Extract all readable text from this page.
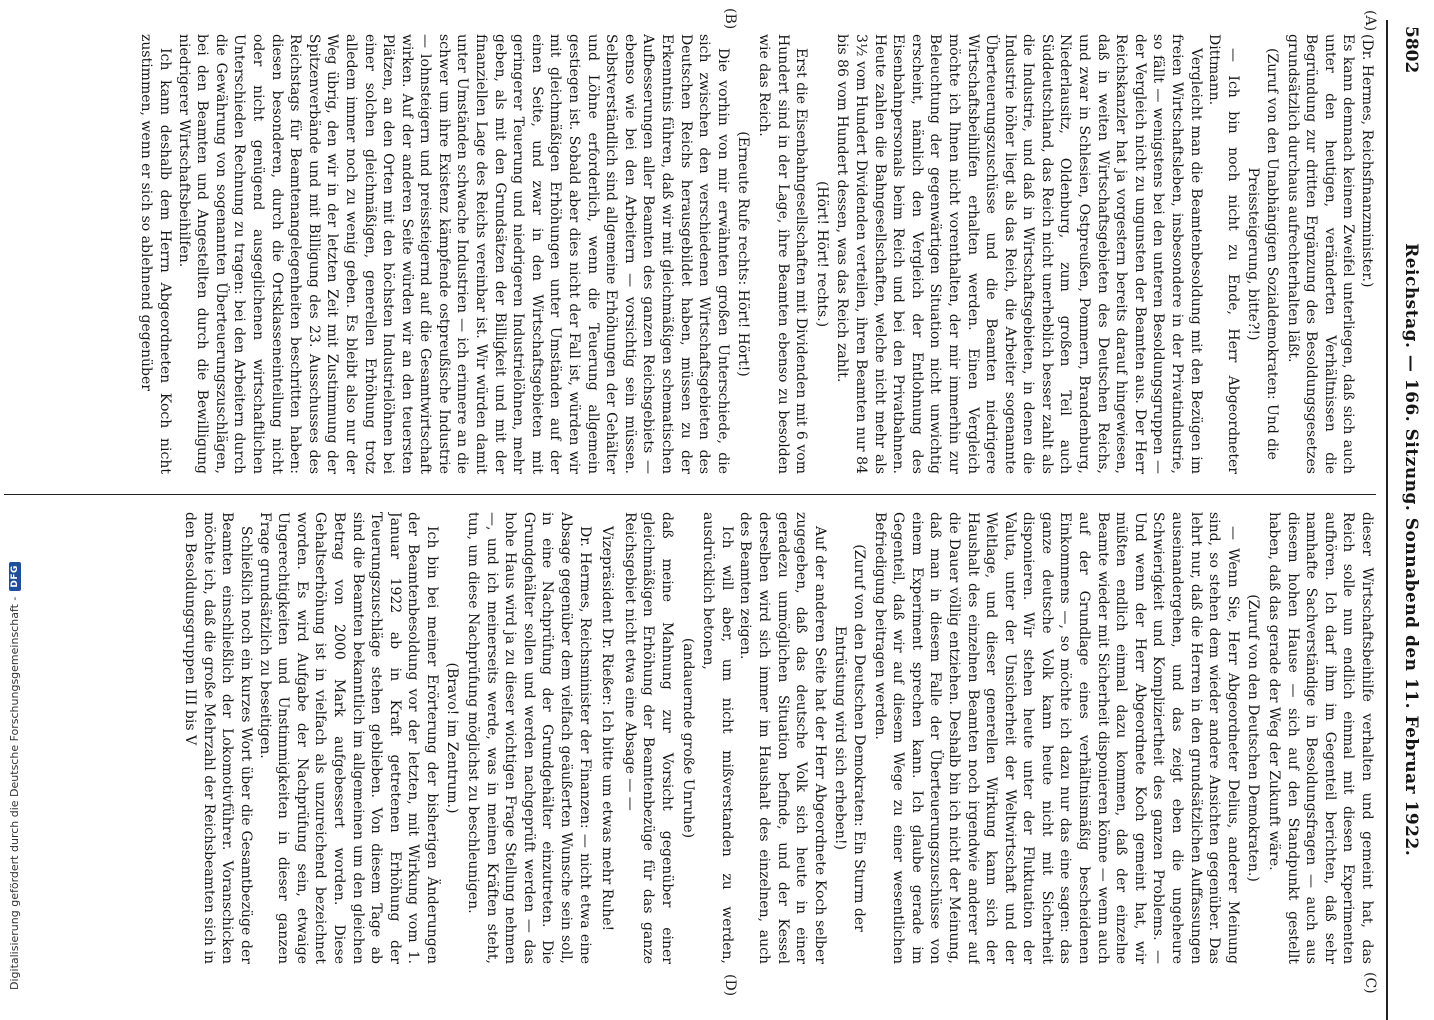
5802
Reichstag. — 166. Sitzung. Sonnabend den 11. Februar 1922.
(A)
(B)
(C)
(D)

(Dr. Hermes, Reichsfinanzminister.)

Es kann demnach keinem Zweifel unterliegen, daß sich auch unter den heutigen, veränderten Verhältnissen die Begründung zur dritten Ergänzung des Besoldungsgesetzes grundsätzlich durchaus aufrechterhalten läßt.

(Zuruf von den Unabhängigen Sozialdemokraten: Und die Preissteigerung, bitte?!)

— Ich bin noch nicht zu Ende, Herr Abgeordneter Dittmann.

Vergleicht man die Beamtenbesoldung mit den Bezügen im freien Wirtschaftsleben, insbesondere in der Privatindustrie, so fällt — wenigstens bei den unteren Besoldungsgruppen — der Vergleich nicht zu ungunsten der Beamten aus. Der Herr Reichskanzler hat ja vorgestern bereits darauf hingewiesen, daß in weiten Wirtschaftsgebieten des Deutschen Reichs, und zwar in Schlesien, Ostpreußen, Pommern, Brandenburg, Niederlausitz, Oldenburg, zum großen Teil auch Süddeutschland, das Reich nicht unerheblich besser zahlt als die Industrie, und daß in Wirtschaftsgebieten, in denen die Industrie höher liegt als das Reich, die Arbeiter sogenannte Überteuerungszuschüsse und die Beamten niedrigere Wirtschaftsbeihilfen erhalten werden. Einen Vergleich möchte ich Ihnen nicht vorenthalten, der mir immerhin zur Beleuchtung der gegenwärtigen Situation nicht unwichtig erscheint, nämlich den Vergleich der Entlohnung des Eisenbahnpersonals beim Reich und bei den Privatbahnen. Heute zahlen die Bahngesellschaften, welche nicht mehr als 3½ vom Hundert Dividenden verteilen, ihren Beamten nur 84 bis 86 vom Hundert dessen, was das Reich zahlt.

(Hört! Hört! rechts.)

Erst die Eisenbahngesellschaften mit Dividenden mit 6 vom Hundert sind in der Lage, ihre Beamten ebenso zu besolden wie das Reich.

(Erneute Rufe rechts: Hört! Hört!)

Die vorhin von mir erwähnten großen Unterschiede, die sich zwischen den verschiedenen Wirtschaftsgebieten des Deutschen Reichs herausgebildet haben, müssen zu der Erkenntnis führen, daß wir mit gleichmäßigen schematischen Aufbesserungen aller Beamten des ganzen Reichsgebiets — ebenso wie bei den Arbeitern — vorsichtig sein müssen. Selbstverständlich sind allgemeine Erhöhungen der Gehälter und Löhne erforderlich, wenn die Teuerung allgemein gestiegen ist. Sobald aber dies nicht der Fall ist, würden wir mit gleichmäßigen Erhöhungen unter Umständen auf der einen Seite, und zwar in den Wirtschaftsgebieten mit geringerer Teuerung und niedrigeren Industrielöhnen, mehr geben, als mit den Grundsätzen der Billigkeit und mit der finanziellen Lage des Reichs vereinbar ist. Wir würden damit unter Umständen schwache Industrien — ich erinnere an die schwer um ihre Existenz kämpfende ostpreußische Industrie — lohnsteigern und preissteigernd auf die Gesamtwirtschaft wirken. Auf der anderen Seite würden wir an den teuersten Plätzen, an den Orten mit den höchsten Industrielöhnen bei einer solchen gleichmäßigen, generellen Erhöhung trotz alledem immer noch zu wenig geben. Es bleibt also nur der Weg übrig, den wir in der letzten Zeit mit Zustimmung der Spitzenverbände und mit Billigung des 23. Ausschusses des Reichstags für Beamtenangelegenheiten beschritten haben: diesen besonderen, durch die Ortsklasseneinteilung nicht oder nicht genügend ausgeglichenen wirtschaftlichen Unterschieden Rechnung zu tragen: bei den Arbeitern durch die Gewährung von sogenannten Überteuerungszuschlägen, bei den Beamten und Angestellten durch die Bewilligung niedrigerer Wirtschaftsbeihilfen.

Ich kann deshalb dem Herrn Abgeordneten Koch nicht zustimmen, wenn er sich so ablehnend gegenüber

dieser Wirtschaftsbeihilfe verhalten und gemeint hat, das Reich solle nun endlich einmal mit diesen Experimenten aufhören. Ich darf ihm im Gegenteil berichten, daß sehr namhafte Sachverständige in Besoldungsfragen — auch aus diesem hohen Hause — sich auf den Standpunkt gestellt haben, daß das gerade der Weg der Zukunft wäre.

(Zuruf von den Deutschen Demokraten.)

— Wenn Sie, Herr Abgeordneter Delius, anderer Meinung sind, so stehen dem wieder andere Ansichten gegenüber. Das lehrt nur, daß die Herren in den grundsätzlichen Auffassungen auseinandergehen, und das zeigt eben die ungeheure Schwierigkeit und Kompliziertheit des ganzen Problems. — Und wenn der Herr Abgeordnete Koch gemeint hat, wir müßten endlich einmal dazu kommen, daß der einzelne Beamte wieder mit Sicherheit disponieren könne — wenn auch auf der Grundlage eines verhältnismäßig bescheidenen Einkommens —, so möchte ich dazu nur das eine sagen: das ganze deutsche Volk kann heute nicht mit Sicherheit disponieren. Wir stehen heute unter der Fluktuation der Valuta, unter der Unsicherheit der Weltwirtschaft und der Weltlage, und dieser generellen Wirkung kann sich der Haushalt des einzelnen Beamten noch irgendwie anderer auf die Dauer völlig entziehen. Deshalb bin ich nicht der Meinung, daß man in diesem Falle der Überteuerungszuschüsse von einem Experiment sprechen kann. Ich glaube gerade im Gegenteil, daß wir auf diesem Wege zu einer wesentlichen Befriedigung beitragen werden.

(Zuruf von den Deutschen Demokraten: Ein Sturm der Entrüstung wird sich erheben!)

Auf der anderen Seite hat der Herr Abgeordnete Koch selber zugegeben, daß das deutsche Volk sich heute in einer geradezu unmöglichen Situation befinde, und der Kessel derselben wird sich immer im Haushalt des einzelnen, auch des Beamten zeigen.

Ich will aber, um nicht mißverstanden zu werden, ausdrücklich betonen,

(andauernde große Unruhe)

daß meine Mahnung zur Vorsicht gegenüber einer gleichmäßigen Erhöhung der Beamtenbezüge für das ganze Reichsgebiet nicht etwa eine Absage — —

Vizepräsident Dr. Rießer: Ich bitte um etwas mehr Ruhe!

Dr. Hermes, Reichsminister der Finanzen: — nicht etwa eine Absage gegenüber dem vielfach geäußerten Wunsche sein soll, in eine Nachprüfung der Grundgehälter einzutreten. Die Grundgehälter sollen und werden nachgeprüft werden — das hohe Haus wird ja zu dieser wichtigen Frage Stellung nehmen —, und ich meinerseits werde, was in meinen Kräften steht, tun, um diese Nachprüfung möglichst zu beschleunigen.

(Bravo! im Zentrum.)

Ich bin bei meiner Erörterung der bisherigen Änderungen der Beamtenbesoldung vor der letzten, mit Wirkung vom 1. Januar 1922 ab in Kraft getretenen Erhöhung der Teuerungszuschläge stehen geblieben. Von diesem Tage ab sind die Beamten bekanntlich im allgemeinen um den gleichen Betrag von 2000 Mark aufgebessert worden. Diese Gehaltserhöhung ist in vielfach als unzureichend bezeichnet worden. Es wird Aufgabe der Nachprüfung sein, etwaige Ungerechtigkeiten und Unstimmigkeiten in dieser ganzen Frage grundsätzlich zu beseitigen.

Schließlich noch ein kurzes Wort über die Gesamtbezüge der Beamten einschließlich der Lokomotivführer. Voranschicken möchte ich, daß die große Mehrzahl der Reichsbeamten sich in den Besoldungsgruppen III bis V

Digitalisierung gefördert durch die Deutsche Forschungsgemeinschaft -
DFG
